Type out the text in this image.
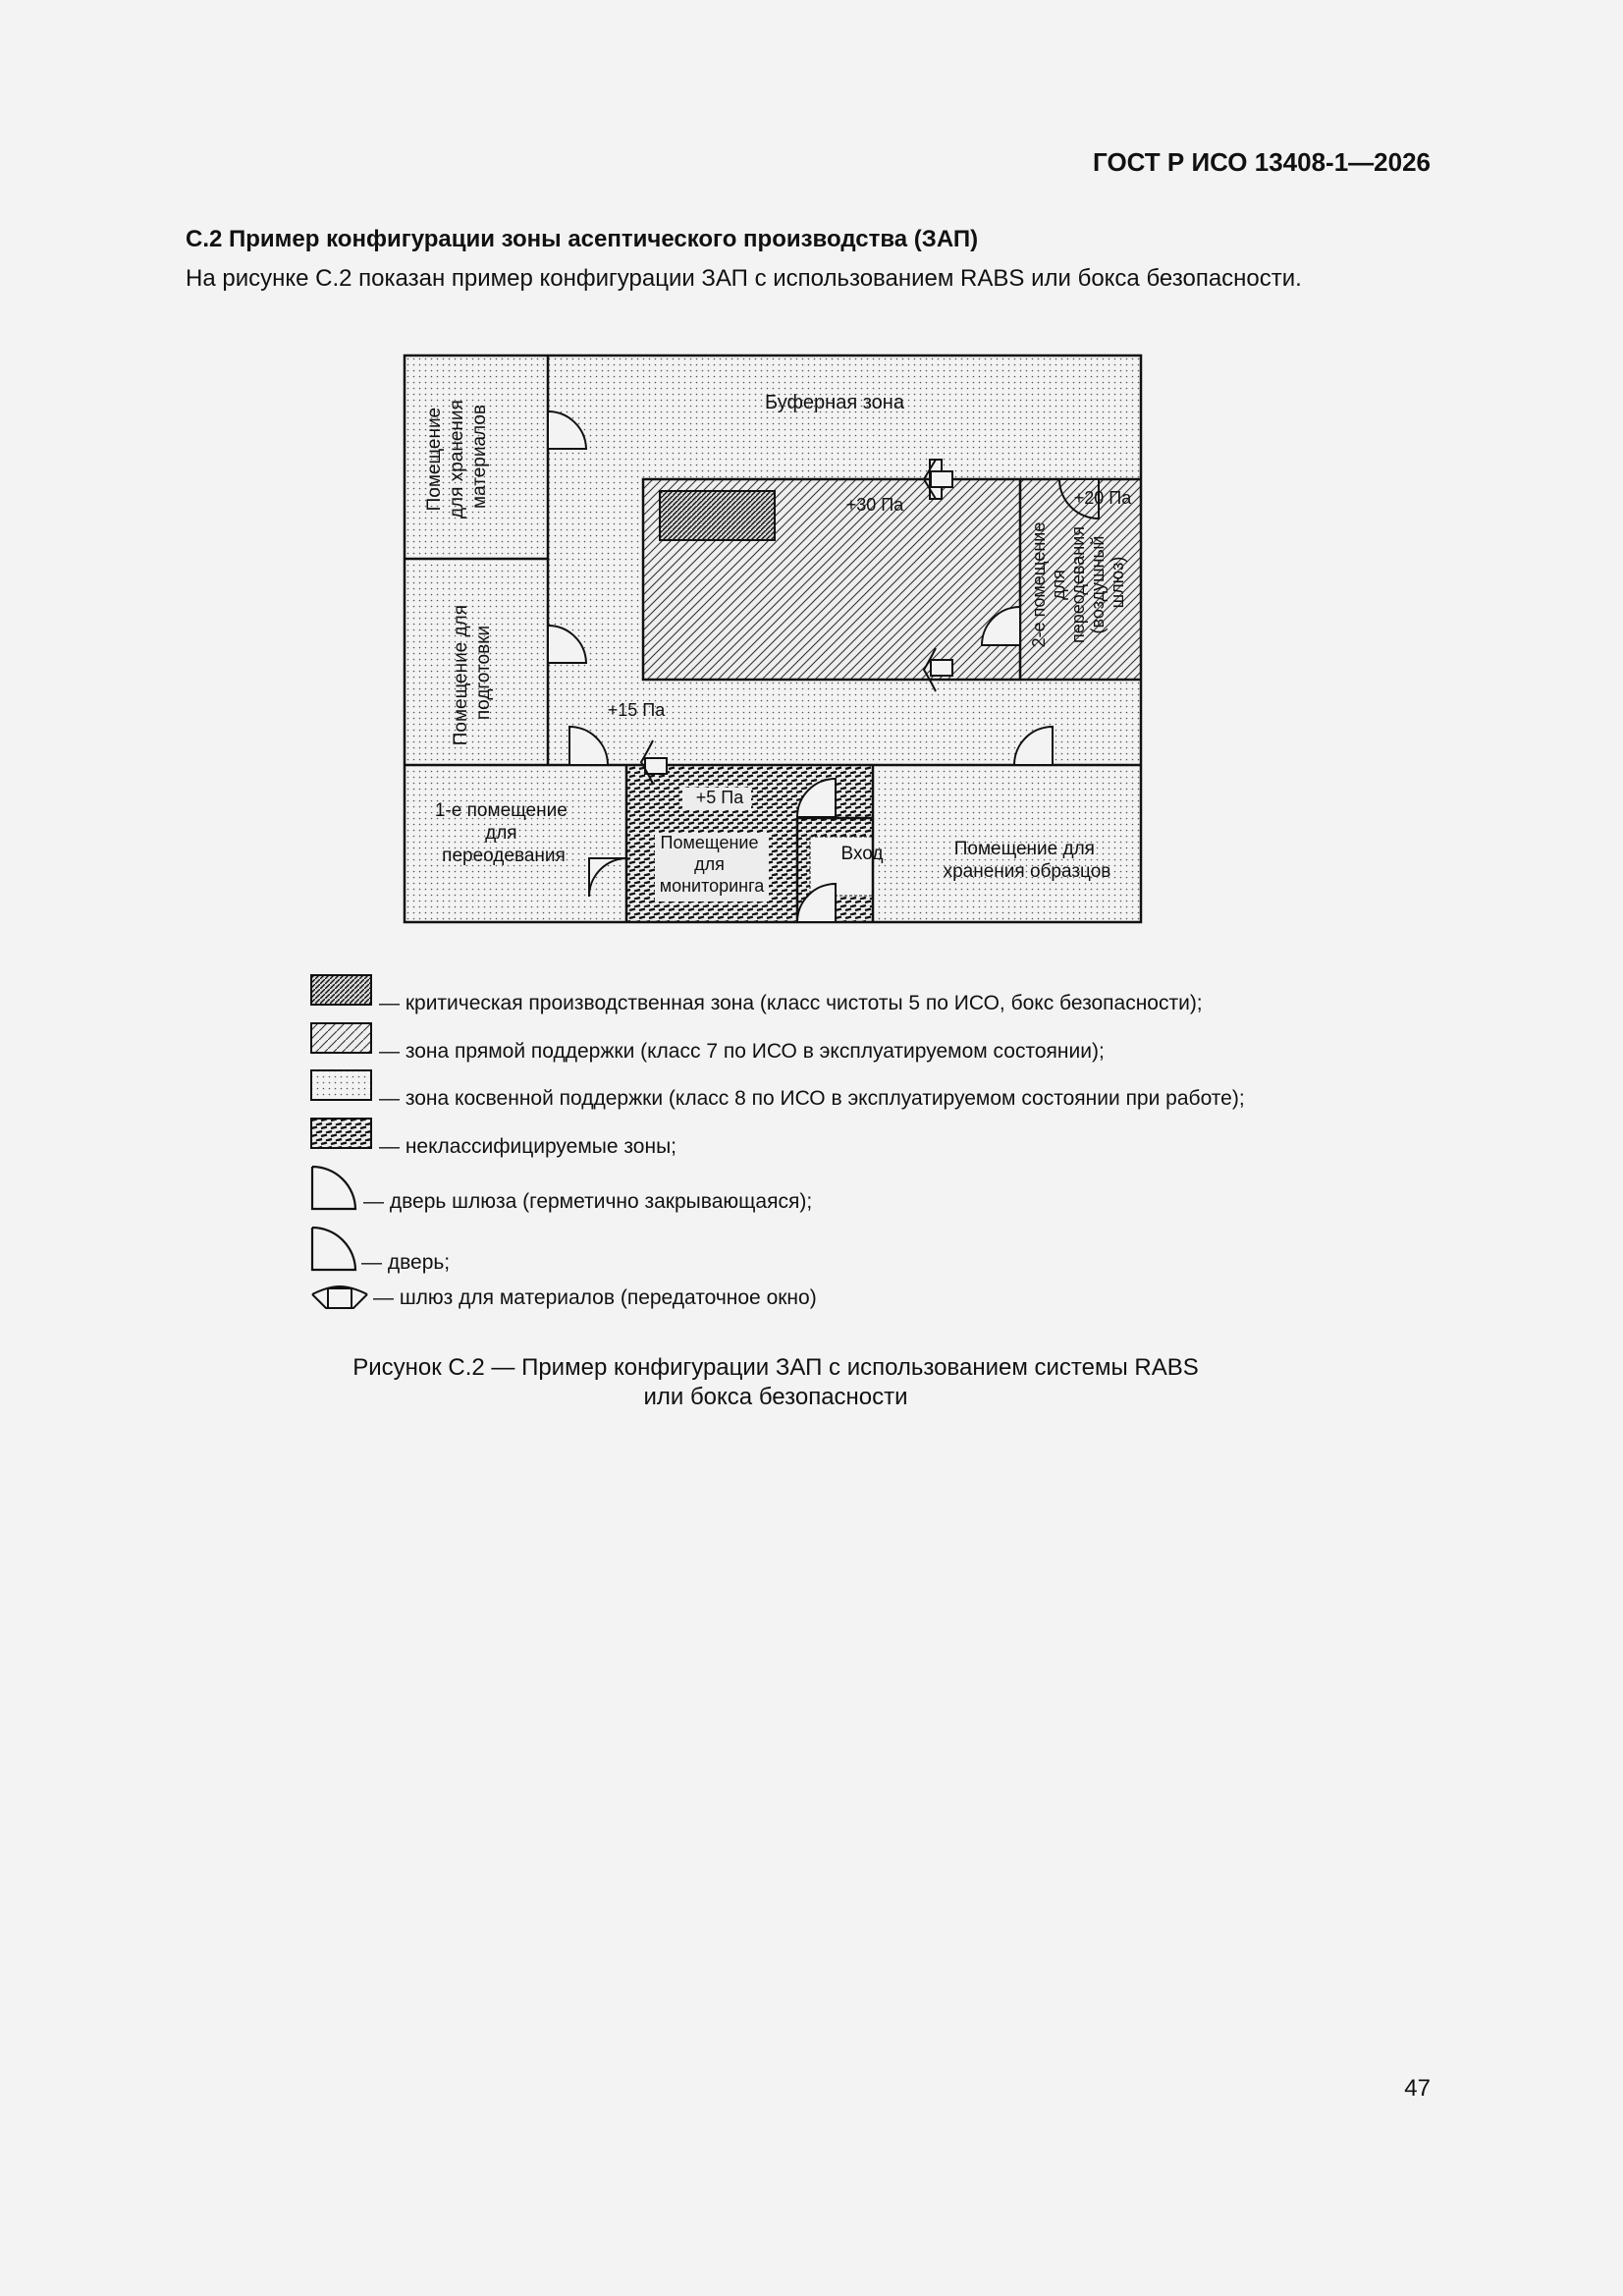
ГОСТ Р ИСО 13408-1—2026
С.2 Пример конфигурации зоны асептического производства (ЗАП)
На рисунке С.2 показан пример конфигурации ЗАП с использованием RABS или бокса безопасности.
Помещение для хранения материалов
Буферная зона
+30 Па	+20 Па
2-е помещение для переодевания (воздушный шлюз)
Помещение для подготовки	+15 Па
1-е помещение для переодевания
+5 Па
Помещение для мониторинга
Вход	Помещение для хранения образцов
— критическая производственная зона (класс чистоты 5 по ИСО, бокс безопасности);
— зона прямой поддержки (класс 7 по ИСО в эксплуатируемом состоянии);
— зона косвенной поддержки (класс 8 по ИСО в эксплуатируемом состоянии при работе);
— неклассифицируемые зоны;
— дверь шлюза (герметично закрывающаяся);
— дверь;
— шлюз для материалов (передаточное окно)
Рисунок С.2 — Пример конфигурации ЗАП с использованием системы RABS
или бокса безопасности
47
